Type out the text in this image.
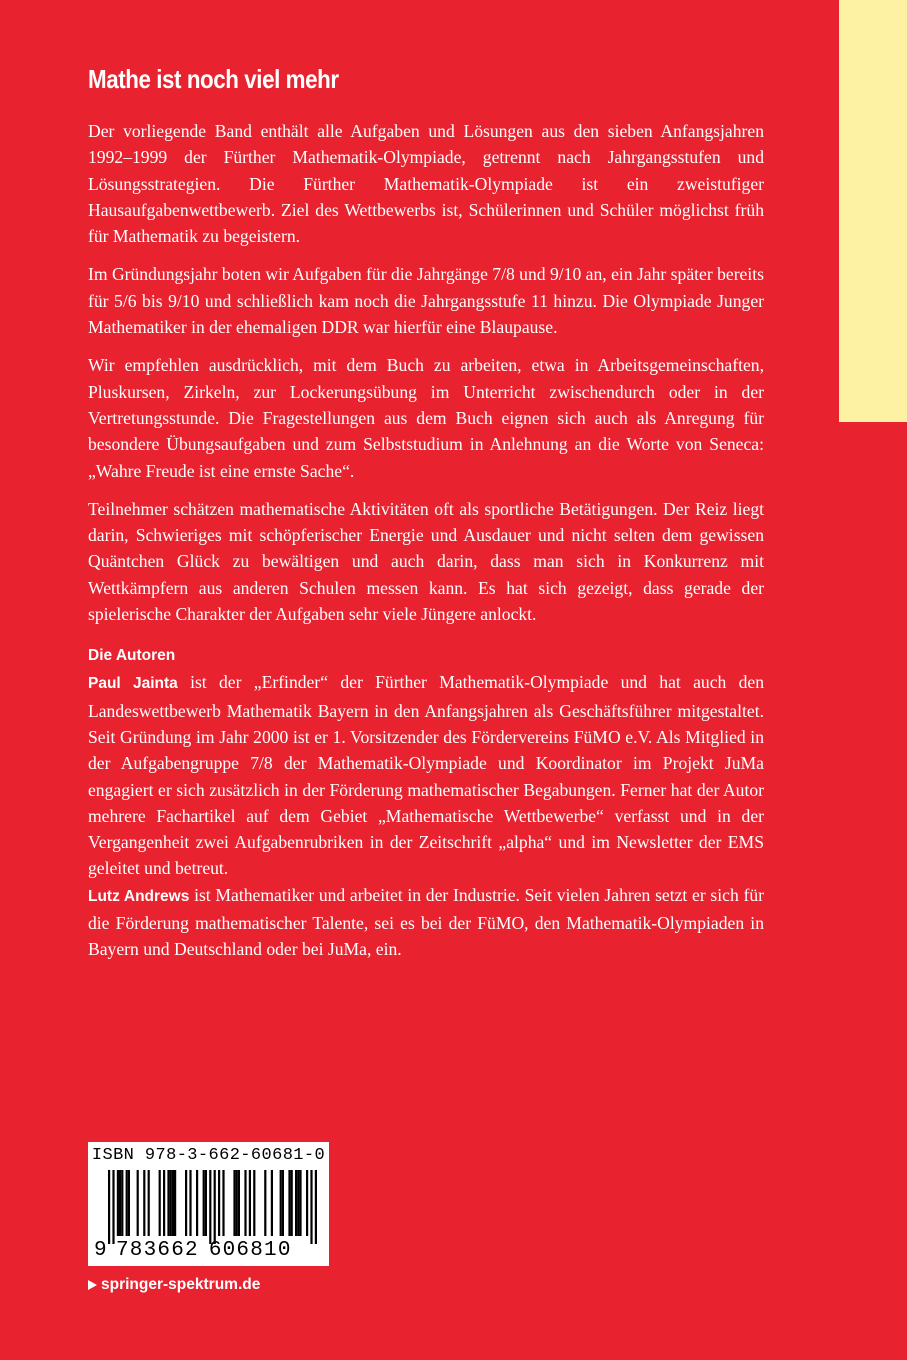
Mathe ist noch viel mehr

Der vorliegende Band enthält alle Aufgaben und Lösungen aus den sieben Anfangsjahren 1992–1999 der Fürther Mathematik-Olympiade, getrennt nach Jahrgangsstufen und Lösungsstrategien. Die Fürther Mathematik-Olympiade ist ein zweistufiger Hausaufgabenwettbewerb. Ziel des Wettbewerbs ist, Schülerinnen und Schüler möglichst früh für Mathematik zu begeistern.

Im Gründungsjahr boten wir Aufgaben für die Jahrgänge 7/8 und 9/10 an, ein Jahr später bereits für 5/6 bis 9/10 und schließlich kam noch die Jahrgangsstufe 11 hinzu. Die Olympiade Junger Mathematiker in der ehemaligen DDR war hierfür eine Blaupause.

Wir empfehlen ausdrücklich, mit dem Buch zu arbeiten, etwa in Arbeitsgemeinschaften, Pluskursen, Zirkeln, zur Lockerungsübung im Unterricht zwischendurch oder in der Vertretungsstunde. Die Fragestellungen aus dem Buch eignen sich auch als Anregung für besondere Übungsaufgaben und zum Selbststudium in Anlehnung an die Worte von Seneca: „Wahre Freude ist eine ernste Sache“.

Teilnehmer schätzen mathematische Aktivitäten oft als sportliche Betätigungen. Der Reiz liegt darin, Schwieriges mit schöpferischer Energie und Ausdauer und nicht selten dem gewissen Quäntchen Glück zu bewältigen und auch darin, dass man sich in Konkurrenz mit Wettkämpfern aus anderen Schulen messen kann. Es hat sich gezeigt, dass gerade der spielerische Charakter der Aufgaben sehr viele Jüngere anlockt.

Die Autoren

Paul Jainta ist der „Erfinder“ der Fürther Mathematik-Olympiade und hat auch den Landeswettbewerb Mathematik Bayern in den Anfangsjahren als Geschäftsführer mitgestaltet. Seit Gründung im Jahr 2000 ist er 1. Vorsitzender des Fördervereins FüMO e.V. Als Mitglied in der Aufgabengruppe 7/8 der Mathematik-Olympiade und Koordinator im Projekt JuMa engagiert er sich zusätzlich in der Förderung mathematischer Begabungen. Ferner hat der Autor mehrere Fachartikel auf dem Gebiet „Mathematische Wettbewerbe“ verfasst und in der Vergangenheit zwei Aufgabenrubriken in der Zeitschrift „alpha“ und im Newsletter der EMS geleitet und betreut.

Lutz Andrews ist Mathematiker und arbeitet in der Industrie. Seit vielen Jahren setzt er sich für die Förderung mathematischer Talente, sei es bei der FüMO, den Mathematik-Olympiaden in Bayern und Deutschland oder bei JuMa, ein.

ISBN 978-3-662-60681-0
9 783662 606810
springer-spektrum.de
